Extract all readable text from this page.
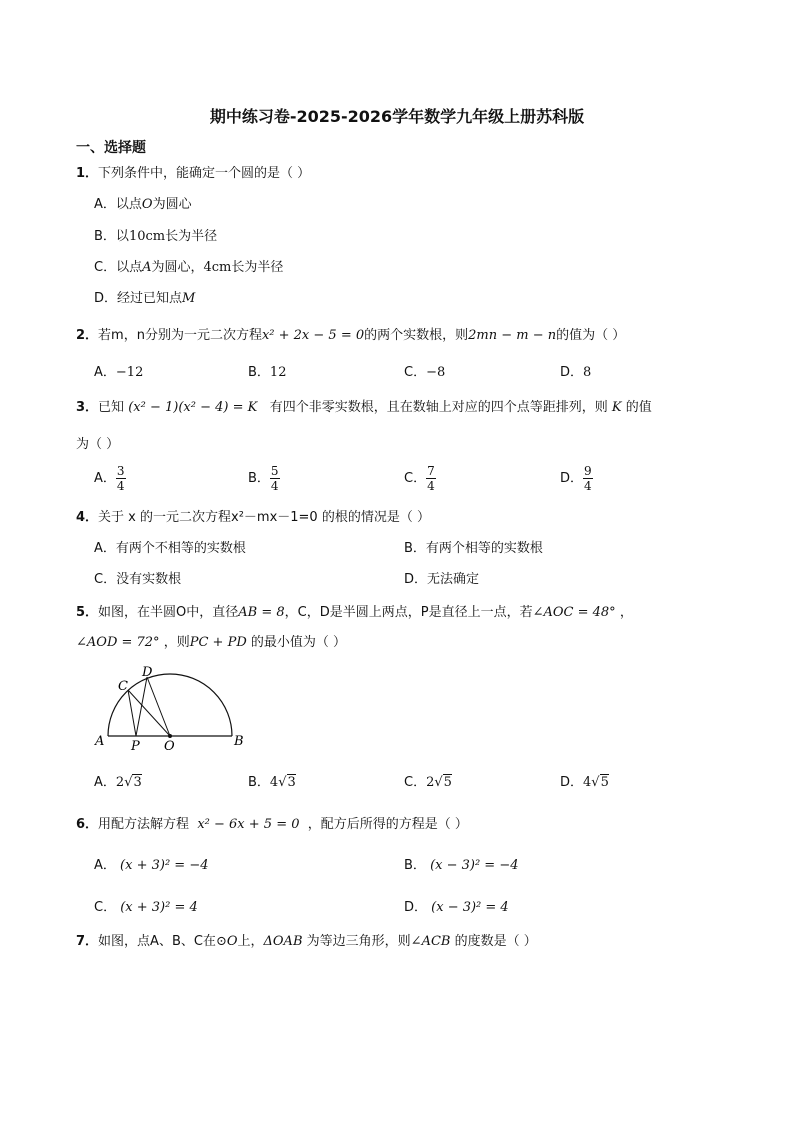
期中练习卷-2025-2026学年数学九年级上册苏科版
一、选择题
1．下列条件中，能确定一个圆的是（ ）
A．以点O为圆心
B．以10cm长为半径
C．以点A为圆心，4cm长为半径
D．经过已知点M
2．若m，n分别为一元二次方程x² + 2x − 5 = 0的两个实数根，则2mn − m − n的值为（ ）
A．−12	B．12	C．−8	D．8
3．已知 (x² − 1)(x² − 4) = K 有四个非零实数根，且在数轴上对应的四个点等距排列，则 K 的值
为（ ）
A． $\frac{3}{4}$	B． $\frac{5}{4}$	C． $\frac{7}{4}$	D． $\frac{9}{4}$
4．关于 x 的一元二次方程x²－mx－1=0 的根的情况是（ ）
A．有两个不相等的实数根	B．有两个相等的实数根
C．没有实数根	D．无法确定
5．如图，在半圆O中，直径AB = 8，C，D是半圆上两点，P是直径上一点，若∠AOC = 48° ，
∠AOD = 72° ，则PC + PD 的最小值为（ ）
A	B
C
D
P O
A．2√3	B．4√3	C．2√5	D．4√5
6．用配方法解方程 x² − 6x + 5 = 0 ，配方后所得的方程是（ ）
A． (x + 3)² = −4	B． (x − 3)² = −4
C． (x + 3)² = 4	D． (x − 3)² = 4
7．如图，点A、B、C在⊙O上，ΔOAB 为等边三角形，则∠ACB 的度数是（ ）
